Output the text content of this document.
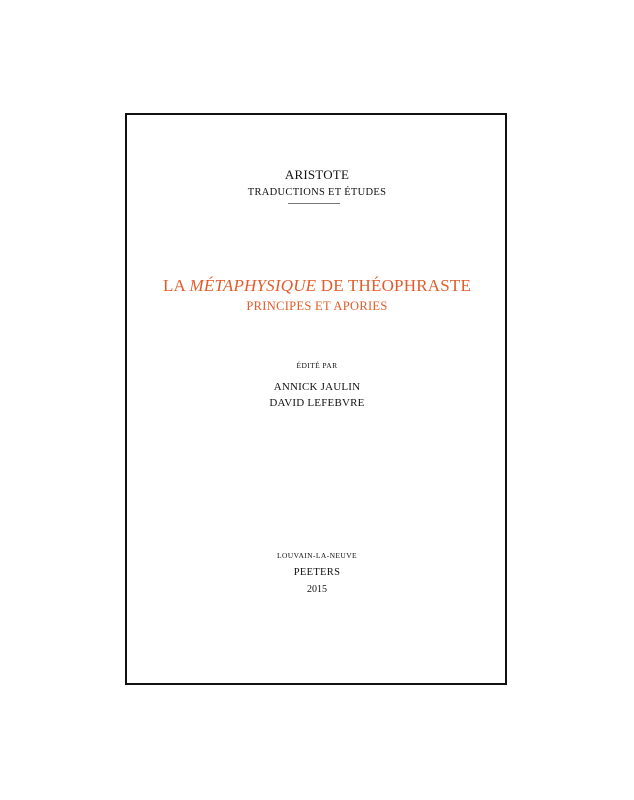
ARISTOTE
TRADUCTIONS ET ÉTUDES
LA MÉTAPHYSIQUE DE THÉOPHRASTE
PRINCIPES ET APORIES
ÉDITÉ PAR
ANNICK JAULIN
DAVID LEFEBVRE
LOUVAIN-LA-NEUVE
PEETERS
2015
